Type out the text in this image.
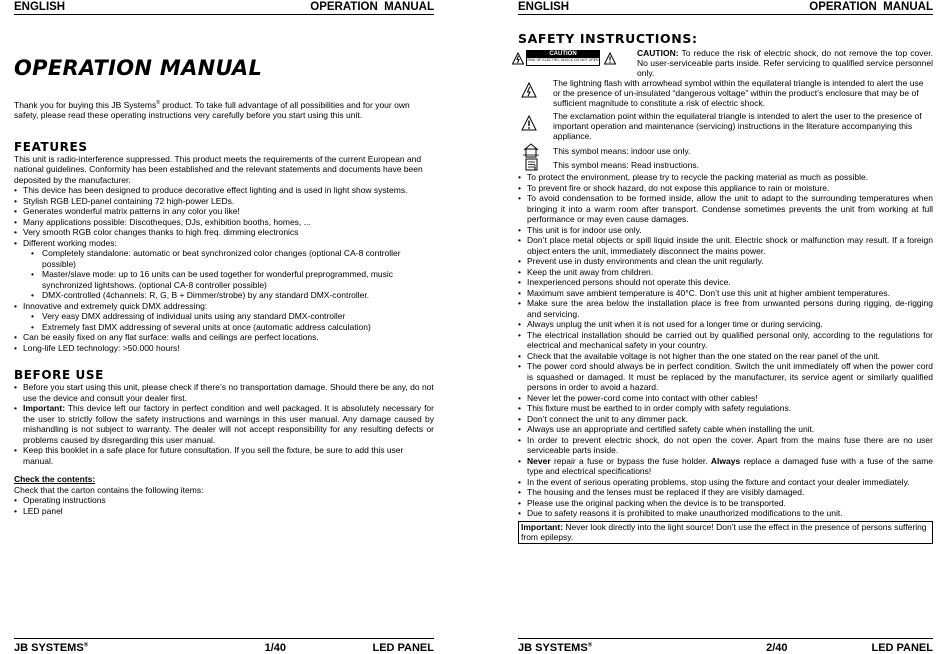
ENGLISH	OPERATION  MANUAL
OPERATION MANUAL
Thank you for buying this JB Systems® product. To take full advantage of all possibilities and for your own safety, please read these operating instructions very carefully before you start using this unit.
FEATURES

This unit is radio-interference suppressed. This product meets the requirements of the current European and national guidelines. Conformity has been established and the relevant statements and documents have been deposited by the manufacturer.

• This device has been designed to produce decorative effect lighting and is used in light show systems.
• Stylish RGB LED-panel containing 72 high-power LEDs.
• Generates wonderful matrix patterns in any color you like!
• Many applications possible: Discotheques, DJs, exhibition booths, homes, ...
• Very smooth RGB color changes thanks to high freq. dimming electronics
• Different working modes:
• Completely standalone: automatic or beat synchronized color changes (optional CA-8 controller possible)
• Master/slave mode: up to 16 units can be used together for wonderful preprogrammed, music synchronized lightshows. (optional CA-8 controller possible)
• DMX-controlled (4channels: R, G, B + Dimmer/strobe) by any standard DMX-controller.
• Innovative and extremely quick DMX addressing:
• Very easy DMX addressing of individual units using any standard DMX-controller
• Extremely fast DMX addressing of several units at once (automatic address calculation)
• Can be easily fixed on any flat surface: walls and ceilings are perfect locations.
• Long-life LED technology: >50.000 hours!
BEFORE USE
• Before you start using this unit, please check if there’s no transportation damage. Should there be any, do not use the device and consult your dealer first.
• Important: This device left our factory in perfect condition and well packaged. It is absolutely necessary for the user to strictly follow the safety instructions and warnings in this user manual. Any damage caused by mishandling is not subject to warranty. The dealer will not accept responsibility for any resulting defects or problems caused by disregarding this user manual.
• Keep this booklet in a safe place for future consultation. If you sell the fixture, be sure to add this user manual.
Check the contents:

Check that the carton contains the following items:

• Operating instructions
• LED panel
JB SYSTEMS®	1/40	LED PANEL
ENGLISH	OPERATION  MANUAL
SAFETY INSTRUCTIONS:
CAUTION
RISK OF ELECTRIC SHOCK DO NOT OPEN
CAUTION: To reduce the risk of electric shock, do not remove the top cover. No user-serviceable parts inside. Refer servicing to qualified service personnel only.
The lightning flash with arrowhead symbol within the equilateral triangle is intended to alert the use or the presence of un-insulated “dangerous voltage” within the product’s enclosure that may be of sufficient magnitude to constitute a risk of electric shock.
The exclamation point within the equilateral triangle is intended to alert the user to the presence of important operation and maintenance (servicing) instructions in the literature accompanying this appliance.
This symbol means: indoor use only.
i This symbol means: Read instructions.
• To protect the environment, please try to recycle the packing material as much as possible.
• To prevent fire or shock hazard, do not expose this appliance to rain or moisture.
• To avoid condensation to be formed inside, allow the unit to adapt to the surrounding temperatures when bringing it into a warm room after transport. Condense sometimes prevents the unit from working at full performance or may even cause damages.
• This unit is for indoor use only.
• Don’t place metal objects or spill liquid inside the unit. Electric shock or malfunction may result. If a foreign object enters the unit, immediately disconnect the mains power.
• Prevent use in dusty environments and clean the unit regularly.
• Keep the unit away from children.
• Inexperienced persons should not operate this device.
• Maximum save ambient temperature is 40°C. Don’t use this unit at higher ambient temperatures.
• Make sure the area below the installation place is free from unwanted persons during rigging, de-rigging and servicing.
• Always unplug the unit when it is not used for a longer time or during servicing.
• The electrical installation should be carried out by qualified personal only, according to the regulations for electrical and mechanical safety in your country.
• Check that the available voltage is not higher than the one stated on the rear panel of the unit.
• The power cord should always be in perfect condition. Switch the unit immediately off when the power cord is squashed or damaged. It must be replaced by the manufacturer, its service agent or similarly qualified persons in order to avoid a hazard.
• Never let the power-cord come into contact with other cables!
• This fixture must be earthed to in order comply with safety regulations.
• Don’t connect the unit to any dimmer pack.
• Always use an appropriate and certified safety cable when installing the unit.
• In order to prevent electric shock, do not open the cover. Apart from the mains fuse there are no user serviceable parts inside.
• Never repair a fuse or bypass the fuse holder. Always replace a damaged fuse with a fuse of the same type and electrical specifications!
• In the event of serious operating problems, stop using the fixture and contact your dealer immediately.
• The housing and the lenses must be replaced if they are visibly damaged.
• Please use the original packing when the device is to be transported.
• Due to safety reasons it is prohibited to make unauthorized modifications to the unit.
Important: Never look directly into the light source! Don’t use the effect in the presence of persons suffering from epilepsy.
JB SYSTEMS®	2/40	LED PANEL
